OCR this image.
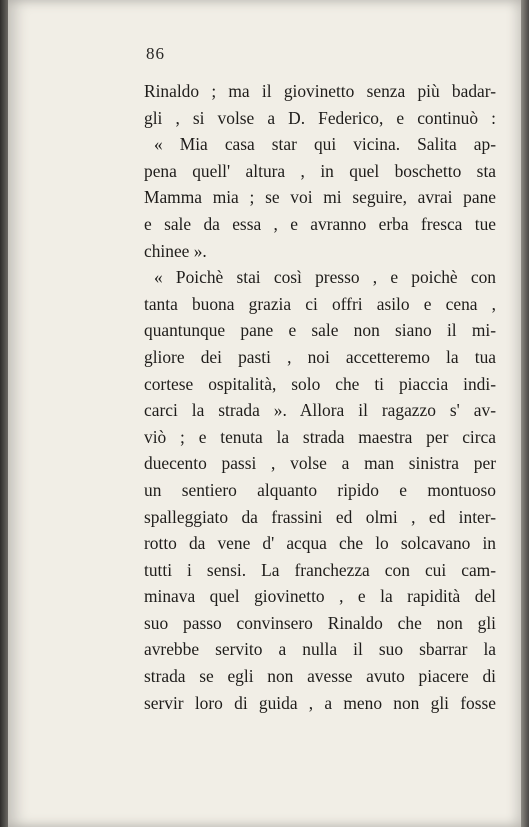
86
Rinaldo ; ma il giovinetto senza più badar-
gli , si volse a D. Federico, e continuò :
« Mia casa star qui vicina. Salita ap-
pena quell' altura , in quel boschetto sta
Mamma mia ; se voi mi seguire, avrai pane
e sale da essa , e avranno erba fresca tue
chinee ».
« Poichè stai così presso , e poichè con
tanta buona grazia ci offri asilo e cena ,
quantunque pane e sale non siano il mi-
gliore dei pasti , noi accetteremo la tua
cortese ospitalità, solo che ti piaccia indi-
carci la strada ». Allora il ragazzo s' av-
viò ; e tenuta la strada maestra per circa
duecento passi , volse a man sinistra per
un sentiero alquanto ripido e montuoso
spalleggiato da frassini ed olmi , ed inter-
rotto da vene d' acqua che lo solcavano in
tutti i sensi. La franchezza con cui cam-
minava quel giovinetto , e la rapidità del
suo passo convinsero Rinaldo che non gli
avrebbe servito a nulla il suo sbarrar la
strada se egli non avesse avuto piacere di
servir loro di guida , a meno non gli fosse
